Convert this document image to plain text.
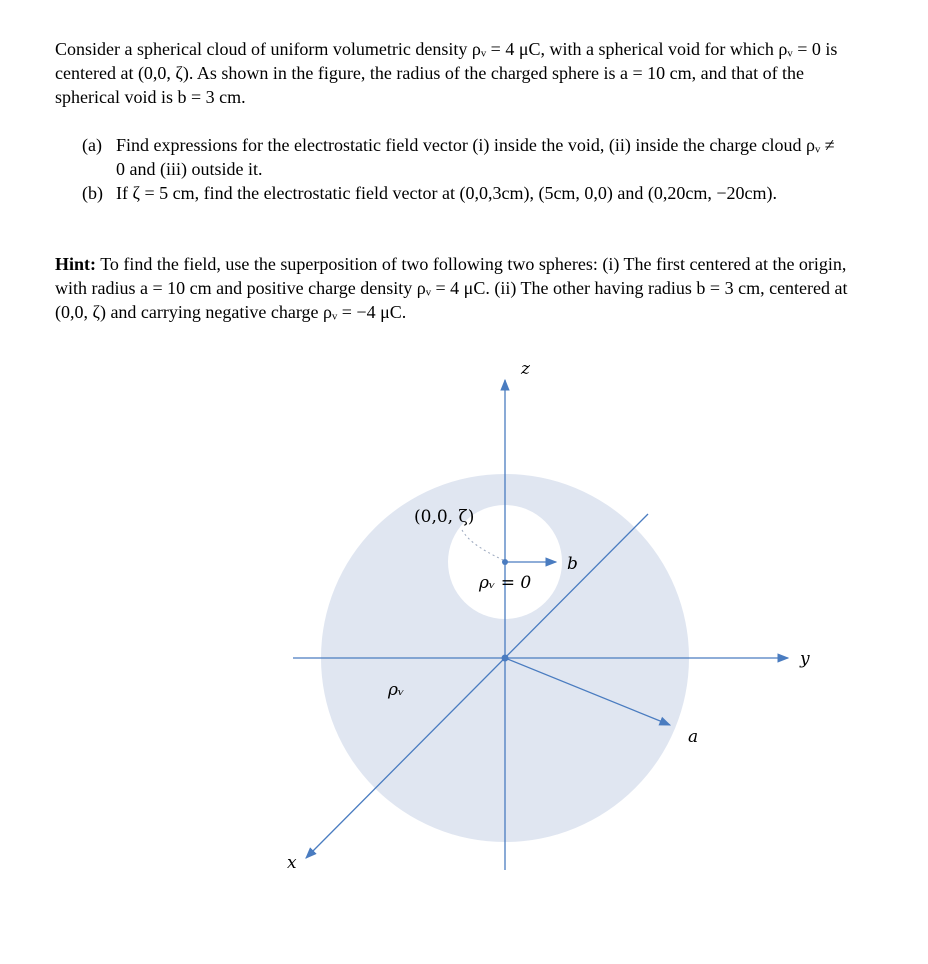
Consider a spherical cloud of uniform volumetric density ρᵥ = 4 μC, with a spherical void for which ρᵥ = 0 is centered at (0,0, ζ). As shown in the figure, the radius of the charged sphere is a = 10 cm, and that of the spherical void is b = 3 cm.

(a) Find expressions for the electrostatic field vector (i) inside the void, (ii) inside the charge cloud ρᵥ ≠ 0 and (iii) outside it.
(b) If ζ = 5 cm, find the electrostatic field vector at (0,0,3cm), (5cm, 0,0) and (0,20cm, −20cm).

Hint: To find the field, use the superposition of two following two spheres: (i) The first centered at the origin, with radius a = 10 cm and positive charge density ρᵥ = 4 μC. (ii) The other having radius b = 3 cm, centered at (0,0, ζ) and carrying negative charge ρᵥ = −4 μC.

z
y
x
(0,0, ζ)
b
a
ρᵥ = 0
ρᵥ
